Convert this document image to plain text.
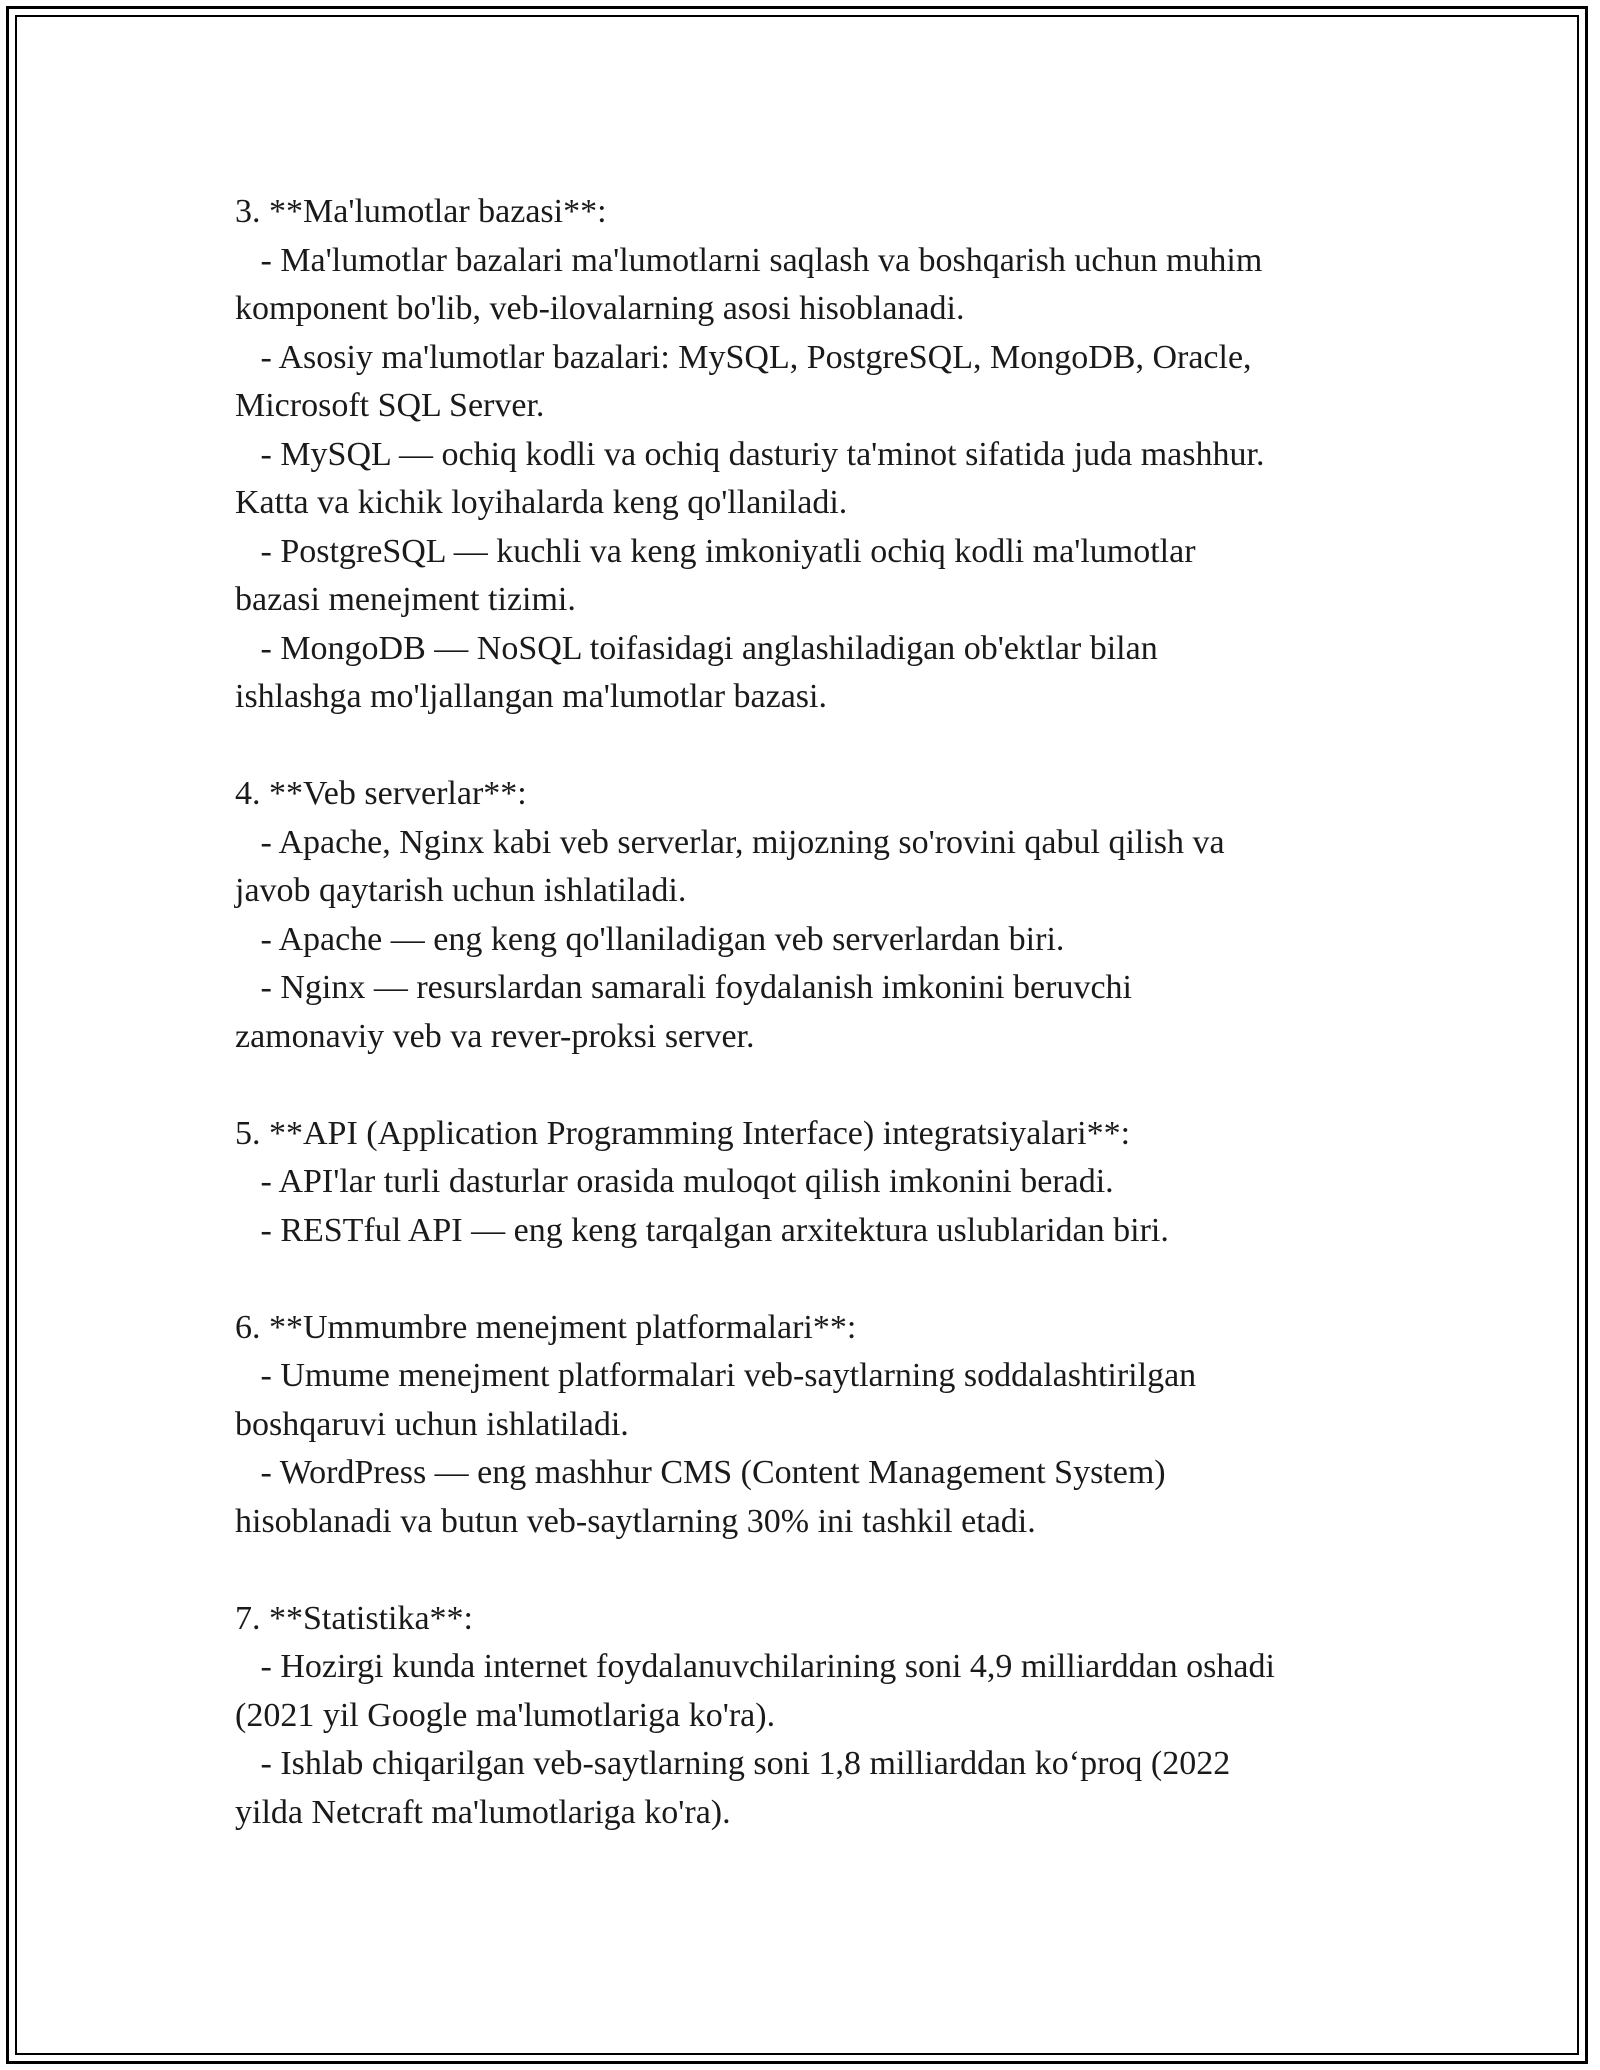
3. **Ma'lumotlar bazasi**:
- Ma'lumotlar bazalari ma'lumotlarni saqlash va boshqarish uchun muhim
komponent bo'lib, veb-ilovalarning asosi hisoblanadi.
- Asosiy ma'lumotlar bazalari: MySQL, PostgreSQL, MongoDB, Oracle,
Microsoft SQL Server.
- MySQL — ochiq kodli va ochiq dasturiy ta'minot sifatida juda mashhur.
Katta va kichik loyihalarda keng qo'llaniladi.
- PostgreSQL — kuchli va keng imkoniyatli ochiq kodli ma'lumotlar
bazasi menejment tizimi.
- MongoDB — NoSQL toifasidagi anglashiladigan ob'ektlar bilan
ishlashga mo'ljallangan ma'lumotlar bazasi.
4. **Veb serverlar**:
- Apache, Nginx kabi veb serverlar, mijozning so'rovini qabul qilish va
javob qaytarish uchun ishlatiladi.
- Apache — eng keng qo'llaniladigan veb serverlardan biri.
- Nginx — resurslardan samarali foydalanish imkonini beruvchi
zamonaviy veb va rever-proksi server.
5. **API (Application Programming Interface) integratsiyalari**:
- API'lar turli dasturlar orasida muloqot qilish imkonini beradi.
- RESTful API — eng keng tarqalgan arxitektura uslublaridan biri.
6. **Ummumbre menejment platformalari**:
- Umume menejment platformalari veb-saytlarning soddalashtirilgan
boshqaruvi uchun ishlatiladi.
- WordPress — eng mashhur CMS (Content Management System)
hisoblanadi va butun veb-saytlarning 30% ini tashkil etadi.
7. **Statistika**:
- Hozirgi kunda internet foydalanuvchilarining soni 4,9 milliarddan oshadi
(2021 yil Google ma'lumotlariga ko'ra).
- Ishlab chiqarilgan veb-saytlarning soni 1,8 milliarddan koʻproq (2022
yilda Netcraft ma'lumotlariga ko'ra).
